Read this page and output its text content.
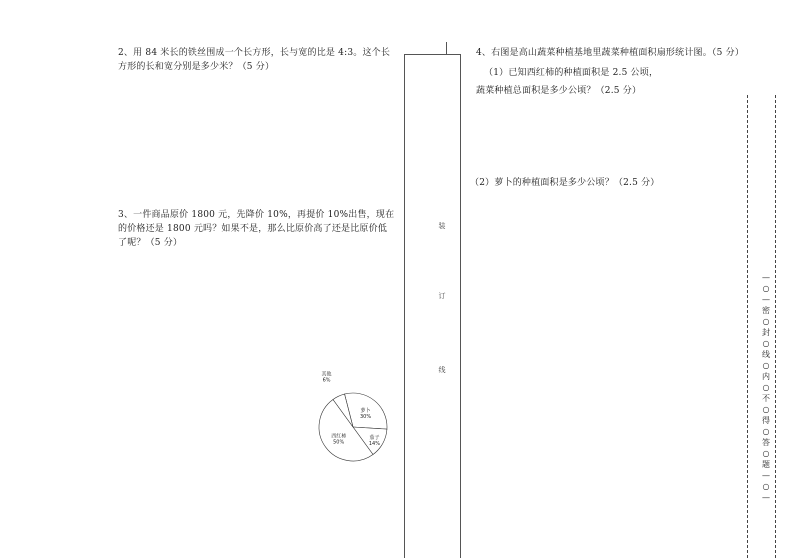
2、用 84 米长的铁丝围成一个长方形，长与宽的比是 4:3。这个长方形的长和宽分别是多少米？（5 分）
3、一件商品原价 1800 元，先降价 10%，再提价 10%出售，现在的价格还是 1800 元吗？如果不是，那么比原价高了还是比原价低了呢？（5 分）
装
订
线
4、右图是高山蔬菜种植基地里蔬菜种植面积扇形统计图。（5 分）
（1）已知西红柿的种植面积是 2.5 公顷，
蔬菜种植总面积是多少公顷？（2.5 分）
（2）萝卜的种植面积是多少公顷？（2.5 分）
—○—密○封○线○内○不○得○答○题—○—
萝卜
30%
茄子
14%
西红柿
50%
其他
6%
